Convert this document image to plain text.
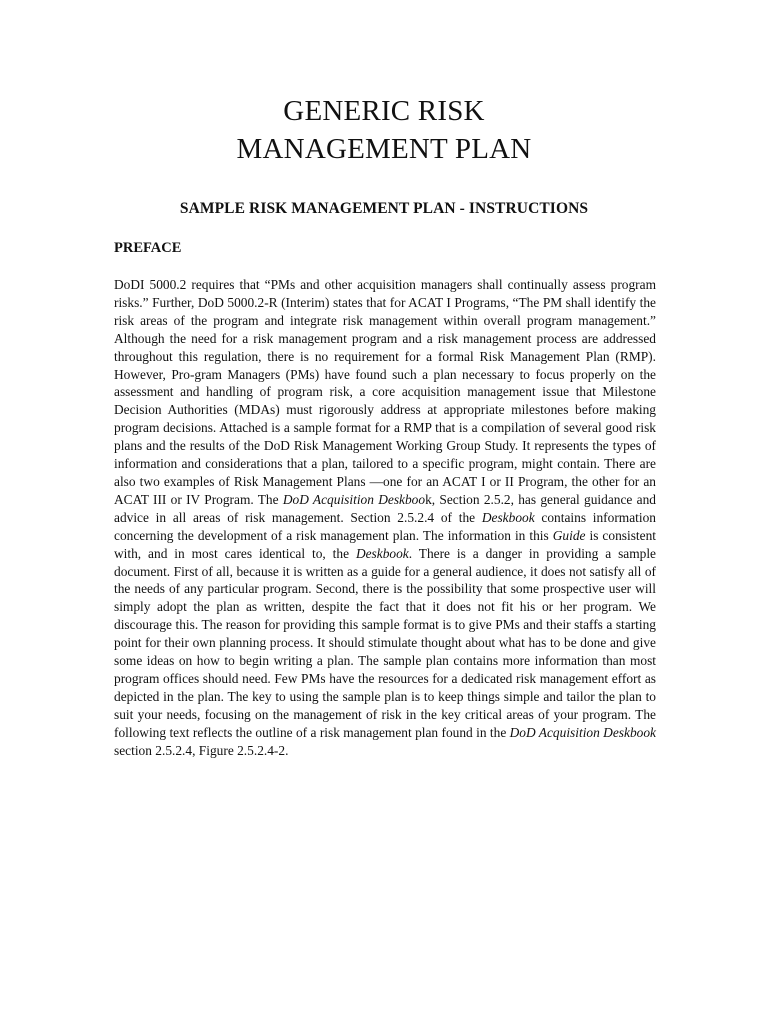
GENERIC RISK
MANAGEMENT PLAN
SAMPLE RISK MANAGEMENT PLAN - INSTRUCTIONS
PREFACE

DoDI 5000.2 requires that “PMs and other acquisition managers shall continually assess program risks.” Further, DoD 5000.2-R (Interim) states that for ACAT I Programs, “The PM shall identify the risk areas of the program and integrate risk management within overall program management.” Although the need for a risk management program and a risk management process are addressed throughout this regulation, there is no requirement for a formal Risk Management Plan (RMP). However, Pro-gram Managers (PMs) have found such a plan necessary to focus properly on the assessment and handling of program risk, a core acquisition management issue that Milestone Decision Authorities (MDAs) must rigorously address at appropriate milestones before making program decisions. Attached is a sample format for a RMP that is a compilation of several good risk plans and the results of the DoD Risk Management Working Group Study. It represents the types of information and considerations that a plan, tailored to a specific program, might contain. There are also two examples of Risk Management Plans —one for an ACAT I or II Program, the other for an ACAT III or IV Program. The DoD Acquisition Deskbook, Section 2.5.2, has general guidance and advice in all areas of risk management. Section 2.5.2.4 of the Deskbook contains information concerning the development of a risk management plan. The information in this Guide is consistent with, and in most cares identical to, the Deskbook. There is a danger in providing a sample document. First of all, because it is written as a guide for a general audience, it does not satisfy all of the needs of any particular program. Second, there is the possibility that some prospective user will simply adopt the plan as written, despite the fact that it does not fit his or her program. We discourage this. The reason for providing this sample format is to give PMs and their staffs a starting point for their own planning process. It should stimulate thought about what has to be done and give some ideas on how to begin writing a plan. The sample plan contains more information than most program offices should need. Few PMs have the resources for a dedicated risk management effort as depicted in the plan. The key to using the sample plan is to keep things simple and tailor the plan to suit your needs, focusing on the management of risk in the key critical areas of your program. The following text reflects the outline of a risk management plan found in the DoD Acquisition Deskbook section 2.5.2.4, Figure 2.5.2.4-2.
